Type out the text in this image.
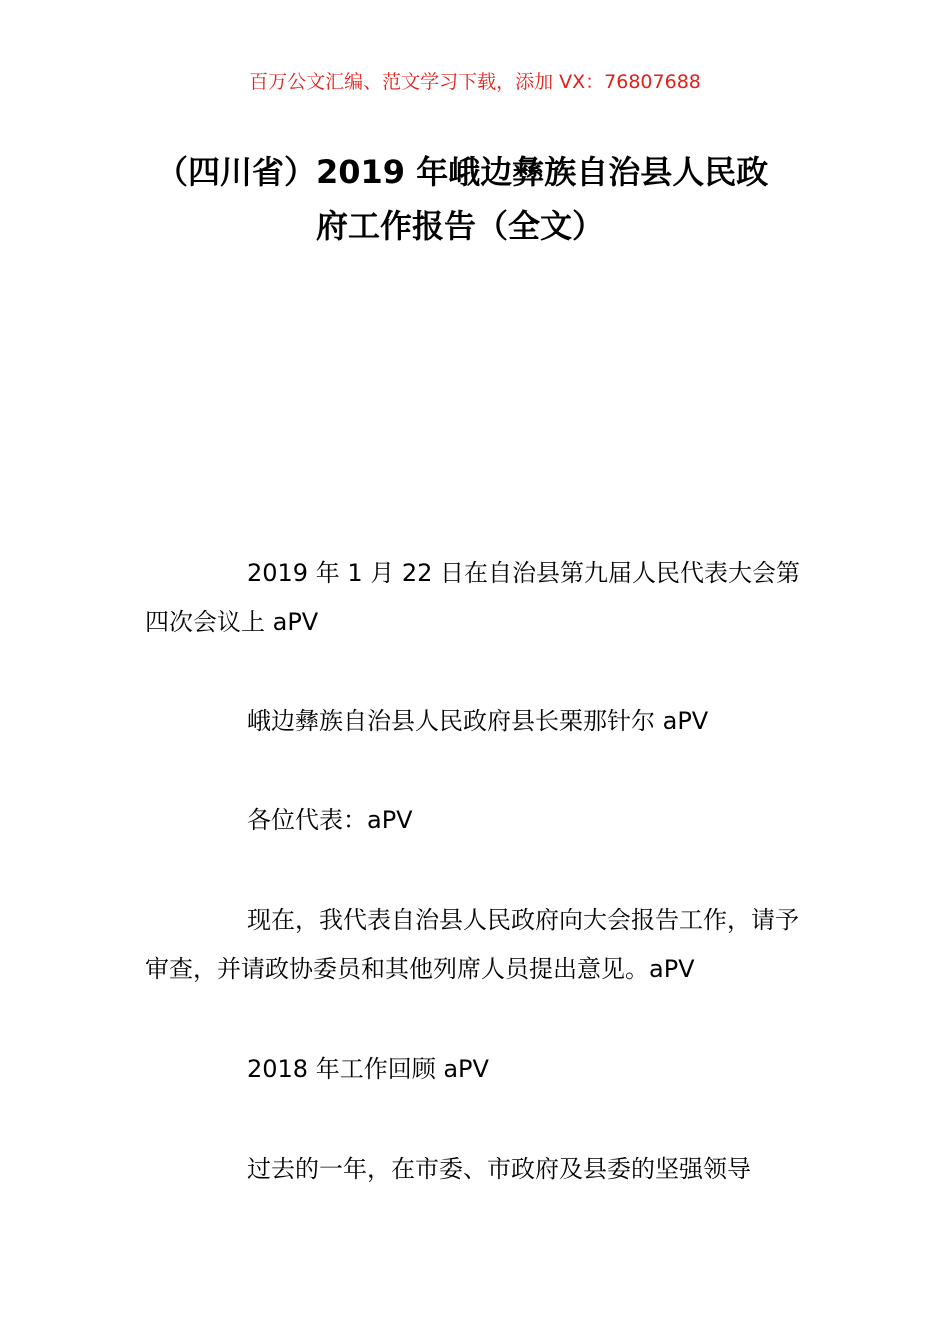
百万公文汇编、范文学习下载，添加 VX：76807688
（四川省）2019 年峨边彝族自治县人民政
府工作报告（全文）

2019 年 1 月 22 日在自治县第九届人民代表大会第四次会议上 aPV

峨边彝族自治县人民政府县长栗那针尔 aPV

各位代表：aPV

现在，我代表自治县人民政府向大会报告工作，请予审查，并请政协委员和其他列席人员提出意见。aPV

2018 年工作回顾 aPV

过去的一年，在市委、市政府及县委的坚强领导
